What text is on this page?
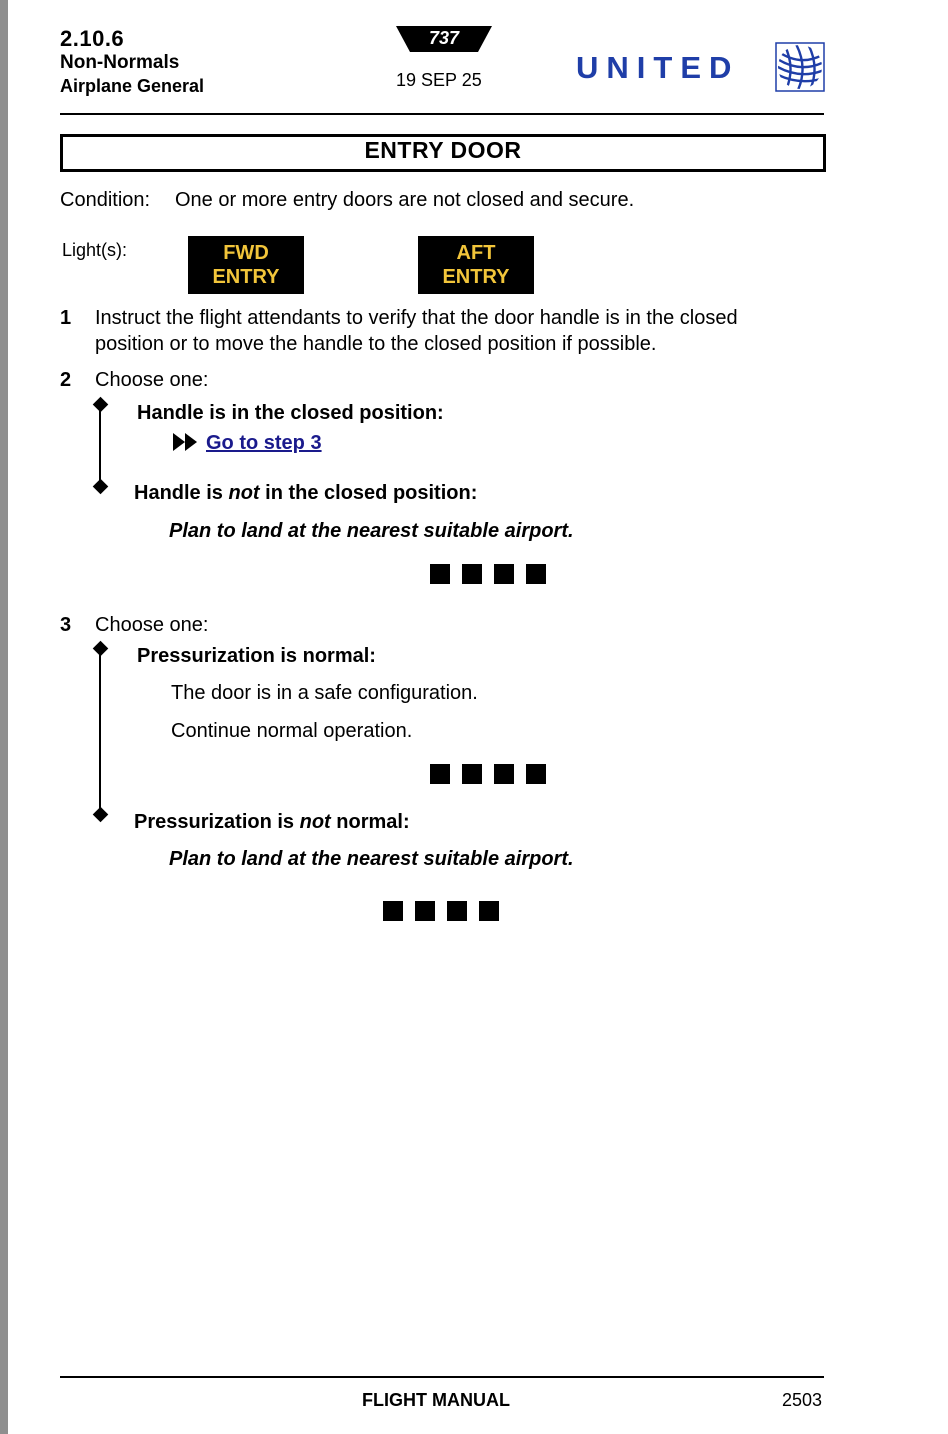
2.10.6
Non-Normals
Airplane General
737
19 SEP 25	UNITED
ENTRY DOOR
Condition: One or more entry doors are not closed and secure.
Light(s):	FWD
ENTRY
AFT
ENTRY
1 Instruct the flight attendants to verify that the door handle is in the closed
position or to move the handle to the closed position if possible.
2 Choose one:
Handle is in the closed position:
Go to step 3
Handle is not in the closed position:
Plan to land at the nearest suitable airport.
3 Choose one:
Pressurization is normal:
The door is in a safe configuration.
Continue normal operation.
Pressurization is not normal:
Plan to land at the nearest suitable airport.
FLIGHT MANUAL	2503
